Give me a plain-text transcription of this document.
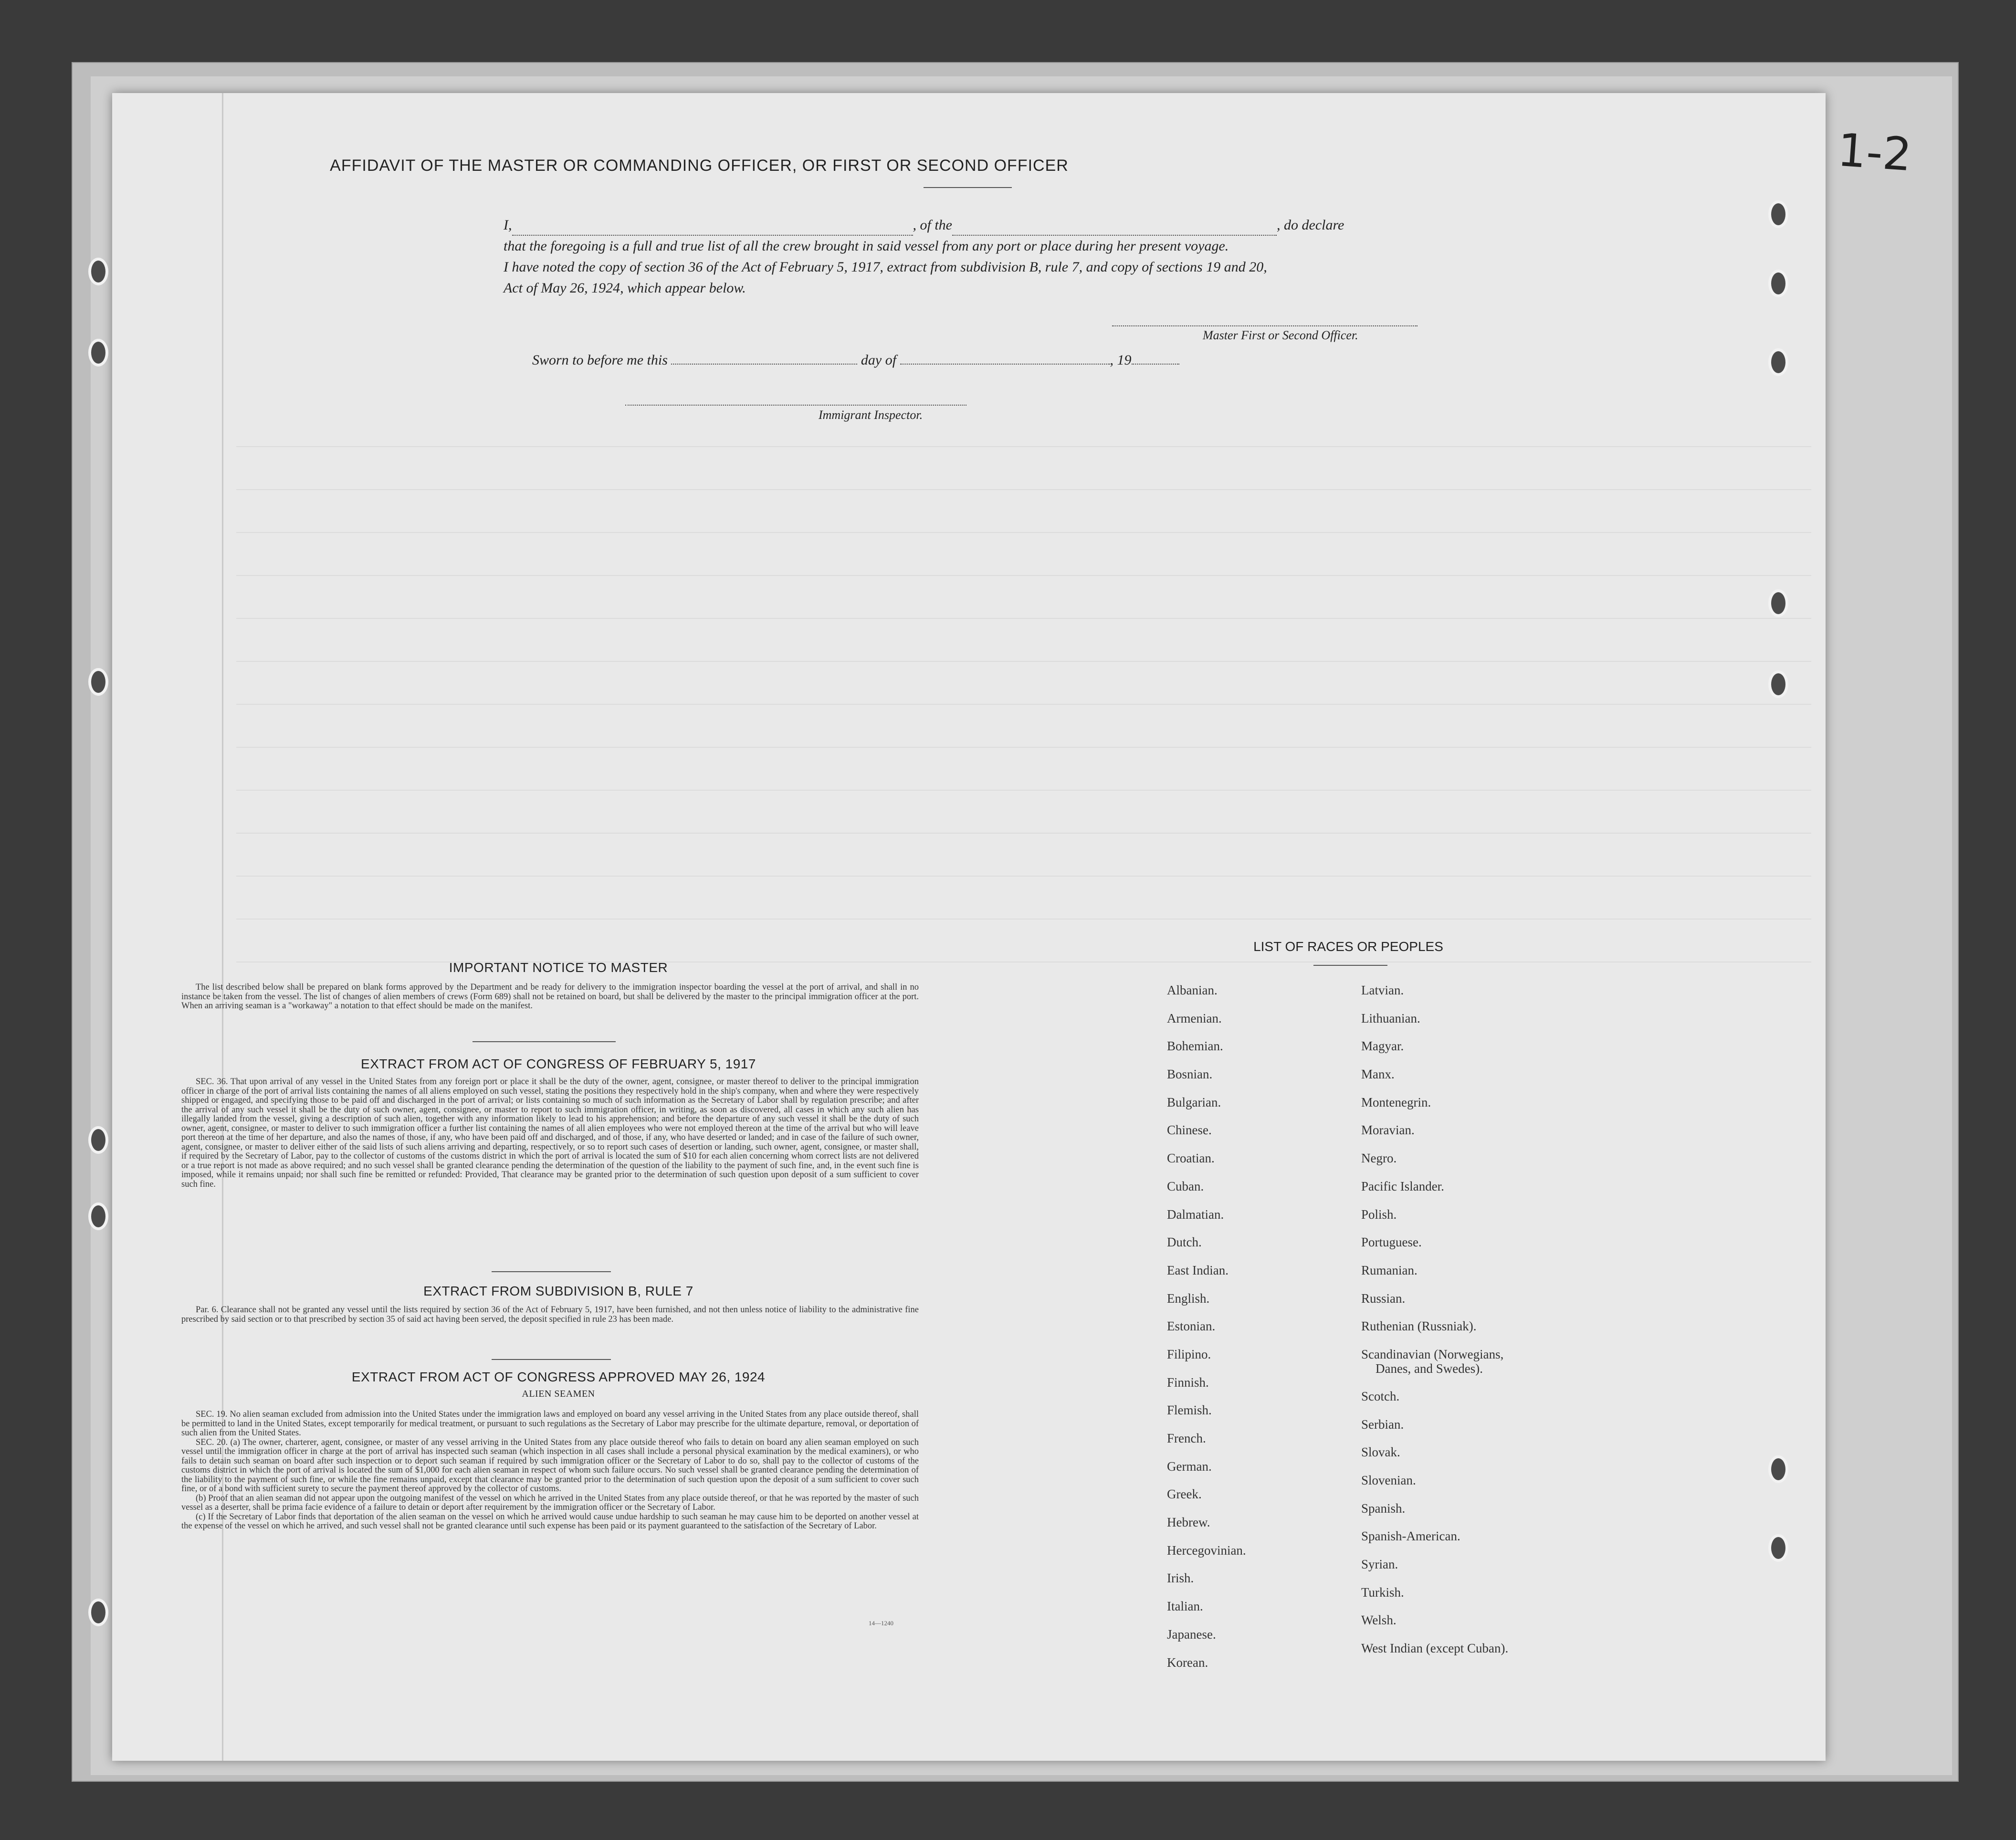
1-2
AFFIDAVIT OF THE MASTER OR COMMANDING OFFICER, OR FIRST OR SECOND OFFICER
I,	, of the	, do declare
that the foregoing is a full and true list of all the crew brought in said vessel from any port or place during her present voyage.
I have noted the copy of section 36 of the Act of February 5, 1917, extract from subdivision B, rule 7, and copy of sections 19 and 20,
Act of May 26, 1924, which appear below.
Master First or Second Officer.
Sworn to before me this	day of	, 19
Immigrant Inspector.
IMPORTANT NOTICE TO MASTER

The list described below shall be prepared on blank forms approved by the Department and be ready for delivery to the immigration inspector boarding the vessel at the port of arrival, and shall in no instance be taken from the vessel. The list of changes of alien members of crews (Form 689) shall not be retained on board, but shall be delivered by the master to the principal immigration officer at the port. When an arriving seaman is a "workaway" a notation to that effect should be made on the manifest.

EXTRACT FROM ACT OF CONGRESS OF FEBRUARY 5, 1917

SEC. 36. That upon arrival of any vessel in the United States from any foreign port or place it shall be the duty of the owner, agent, consignee, or master thereof to deliver to the principal immigration officer in charge of the port of arrival lists containing the names of all aliens employed on such vessel, stating the positions they respectively hold in the ship's company, when and where they were respectively shipped or engaged, and specifying those to be paid off and discharged in the port of arrival; or lists containing so much of such information as the Secretary of Labor shall by regulation prescribe; and after the arrival of any such vessel it shall be the duty of such owner, agent, consignee, or master to report to such immigration officer, in writing, as soon as discovered, all cases in which any such alien has illegally landed from the vessel, giving a description of such alien, together with any information likely to lead to his apprehension; and before the departure of any such vessel it shall be the duty of such owner, agent, consignee, or master to deliver to such immigration officer a further list containing the names of all alien employees who were not employed thereon at the time of the arrival but who will leave port thereon at the time of her departure, and also the names of those, if any, who have been paid off and discharged, and of those, if any, who have deserted or landed; and in case of the failure of such owner, agent, consignee, or master to deliver either of the said lists of such aliens arriving and departing, respectively, or so to report such cases of desertion or landing, such owner, agent, consignee, or master shall, if required by the Secretary of Labor, pay to the collector of customs of the customs district in which the port of arrival is located the sum of $10 for each alien concerning whom correct lists are not delivered or a true report is not made as above required; and no such vessel shall be granted clearance pending the determination of the question of the liability to the payment of such fine, and, in the event such fine is imposed, while it remains unpaid; nor shall such fine be remitted or refunded: Provided, That clearance may be granted prior to the determination of such question upon deposit of a sum sufficient to cover such fine.

EXTRACT FROM SUBDIVISION B, RULE 7

Par. 6. Clearance shall not be granted any vessel until the lists required by section 36 of the Act of February 5, 1917, have been furnished, and not then unless notice of liability to the administrative fine prescribed by said section or to that prescribed by section 35 of said act having been served, the deposit specified in rule 23 has been made.

EXTRACT FROM ACT OF CONGRESS APPROVED MAY 26, 1924
ALIEN SEAMEN

SEC. 19. No alien seaman excluded from admission into the United States under the immigration laws and employed on board any vessel arriving in the United States from any place outside thereof, shall be permitted to land in the United States, except temporarily for medical treatment, or pursuant to such regulations as the Secretary of Labor may prescribe for the ultimate departure, removal, or deportation of such alien from the United States.

SEC. 20. (a) The owner, charterer, agent, consignee, or master of any vessel arriving in the United States from any place outside thereof who fails to detain on board any alien seaman employed on such vessel until the immigration officer in charge at the port of arrival has inspected such seaman (which inspection in all cases shall include a personal physical examination by the medical examiners), or who fails to detain such seaman on board after such inspection or to deport such seaman if required by such immigration officer or the Secretary of Labor to do so, shall pay to the collector of customs of the customs district in which the port of arrival is located the sum of $1,000 for each alien seaman in respect of whom such failure occurs. No such vessel shall be granted clearance pending the determination of the liability to the payment of such fine, or while the fine remains unpaid, except that clearance may be granted prior to the determination of such question upon the deposit of a sum sufficient to cover such fine, or of a bond with sufficient surety to secure the payment thereof approved by the collector of customs.

(b) Proof that an alien seaman did not appear upon the outgoing manifest of the vessel on which he arrived in the United States from any place outside thereof, or that he was reported by the master of such vessel as a deserter, shall be prima facie evidence of a failure to detain or deport after requirement by the immigration officer or the Secretary of Labor.

(c) If the Secretary of Labor finds that deportation of the alien seaman on the vessel on which he arrived would cause undue hardship to such seaman he may cause him to be deported on another vessel at the expense of the vessel on which he arrived, and such vessel shall not be granted clearance until such expense has been paid or its payment guaranteed to the satisfaction of the Secretary of Labor.

14—1240
LIST OF RACES OR PEOPLES
Albanian.
Armenian.
Bohemian.
Bosnian.
Bulgarian.
Chinese.
Croatian.
Cuban.
Dalmatian.
Dutch.
East Indian.
English.
Estonian.
Filipino.
Finnish.
Flemish.
French.
German.
Greek.
Hebrew.
Hercegovinian.
Irish.
Italian.
Japanese.
Korean.
Latvian.
Lithuanian.
Magyar.
Manx.
Montenegrin.
Moravian.
Negro.
Pacific Islander.
Polish.
Portuguese.
Rumanian.
Russian.
Ruthenian (Russniak).
Scandinavian (Norwegians,
Danes, and Swedes).
Scotch.
Serbian.
Slovak.
Slovenian.
Spanish.
Spanish-American.
Syrian.
Turkish.
Welsh.
West Indian (except Cuban).
